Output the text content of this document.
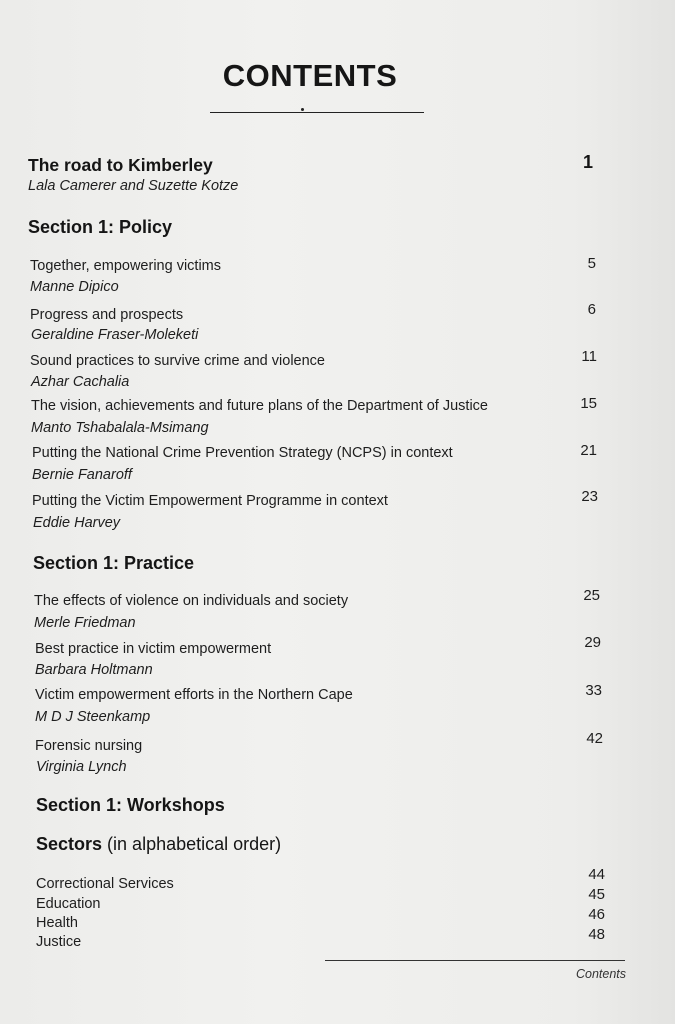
CONTENTS
The road to Kimberley
Lala Camerer and Suzette Kotze
1
Section 1: Policy
Together, empowering victims
Manne Dipico
5
Progress and prospects
Geraldine Fraser-Moleketi
6
Sound practices to survive crime and violence
Azhar Cachalia
11
The vision, achievements and future plans of the Department of Justice
Manto Tshabalala-Msimang
15
Putting the National Crime Prevention Strategy (NCPS) in context
Bernie Fanaroff
21
Putting the Victim Empowerment Programme in context
Eddie Harvey
23
Section 1: Practice
The effects of violence on individuals and society
Merle Friedman
25
Best practice in victim empowerment
Barbara Holtmann
29
Victim empowerment efforts in the Northern Cape
M D J Steenkamp
33
Forensic nursing
Virginia Lynch
42
Section 1: Workshops
Sectors (in alphabetical order)
Correctional Services
44
Education
45
Health	46
Justice	48
Contents
